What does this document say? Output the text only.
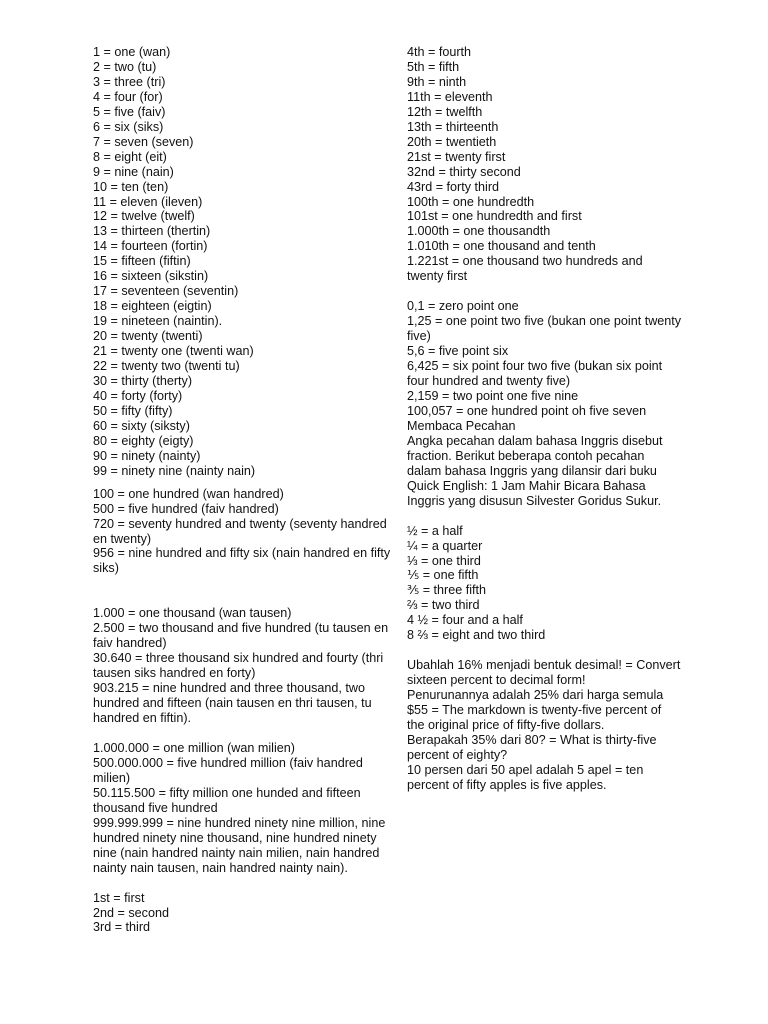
1 = one (wan)
2 = two (tu)
3 = three (tri)
4 = four (for)
5 = five (faiv)
6 = six (siks)
7 = seven (seven)
8 = eight (eit)
9 = nine (nain)
10 = ten (ten)
11 = eleven (ileven)
12 = twelve (twelf)
13 = thirteen (thertin)
14 = fourteen (fortin)
15 = fifteen (fiftin)
16 = sixteen (sikstin)
17 = seventeen (seventin)
18 = eighteen (eigtin)
19 = nineteen (naintin).
20 = twenty (twenti)
21 = twenty one (twenti wan)
22 = twenty two (twenti tu)
30 = thirty (therty)
40 = forty (forty)
50 = fifty (fifty)
60 = sixty (siksty)
80 = eighty (eigty)
90 = ninety (nainty)
99 = ninety nine (nainty nain)
100 = one hundred (wan handred)
500 = five hundred (faiv handred)
720 = seventy hundred and twenty (seventy handred en twenty)
956 = nine hundred and fifty six (nain handred en fifty siks)
1.000 = one thousand (wan tausen)
2.500 = two thousand and five hundred (tu tausen en faiv handred)
30.640 = three thousand six hundred and fourty (thri tausen siks handred en forty)
903.215 = nine hundred and three thousand, two hundred and fifteen (nain tausen en thri tausen, tu handred en fiftin).
1.000.000 = one million (wan milien)
500.000.000 = five hundred million (faiv handred milien)
50.115.500 = fifty million one hunded and fifteen thousand five hundred
999.999.999 = nine hundred ninety nine million, nine hundred ninety nine thousand, nine hundred ninety nine (nain handred nainty nain milien, nain handred nainty nain tausen, nain handred nainty nain).
1st = first
2nd = second
3rd = third
4th = fourth
5th = fifth
9th = ninth
11th = eleventh
12th = twelfth
13th = thirteenth
20th = twentieth
21st = twenty first
32nd = thirty second
43rd = forty third
100th = one hundredth
101st = one hundredth and first
1.000th = one thousandth
1.010th = one thousand and tenth
1.221st = one thousand two hundreds and twenty first
0,1 = zero point one
1,25 = one point two five (bukan one point twenty five)
5,6 = five point six
6,425 = six point four two five (bukan six point four hundred and twenty five)
2,159 = two point one five nine
100,057 = one hundred point oh five seven
Membaca Pecahan
Angka pecahan dalam bahasa Inggris disebut fraction. Berikut beberapa contoh pecahan dalam bahasa Inggris yang dilansir dari buku Quick English: 1 Jam Mahir Bicara Bahasa Inggris yang disusun Silvester Goridus Sukur.
½ = a half
¼ = a quarter
⅓ = one third
⅕ = one fifth
⅗ = three fifth
⅔ = two third
4 ½ = four and a half
8 ⅔ = eight and two third
Ubahlah 16% menjadi bentuk desimal! = Convert sixteen percent to decimal form!
Penurunannya adalah 25% dari harga semula $55 = The markdown is twenty-five percent of the original price of fifty-five dollars.
Berapakah 35% dari 80? = What is thirty-five percent of eighty?
10 persen dari 50 apel adalah 5 apel = ten percent of fifty apples is five apples.
